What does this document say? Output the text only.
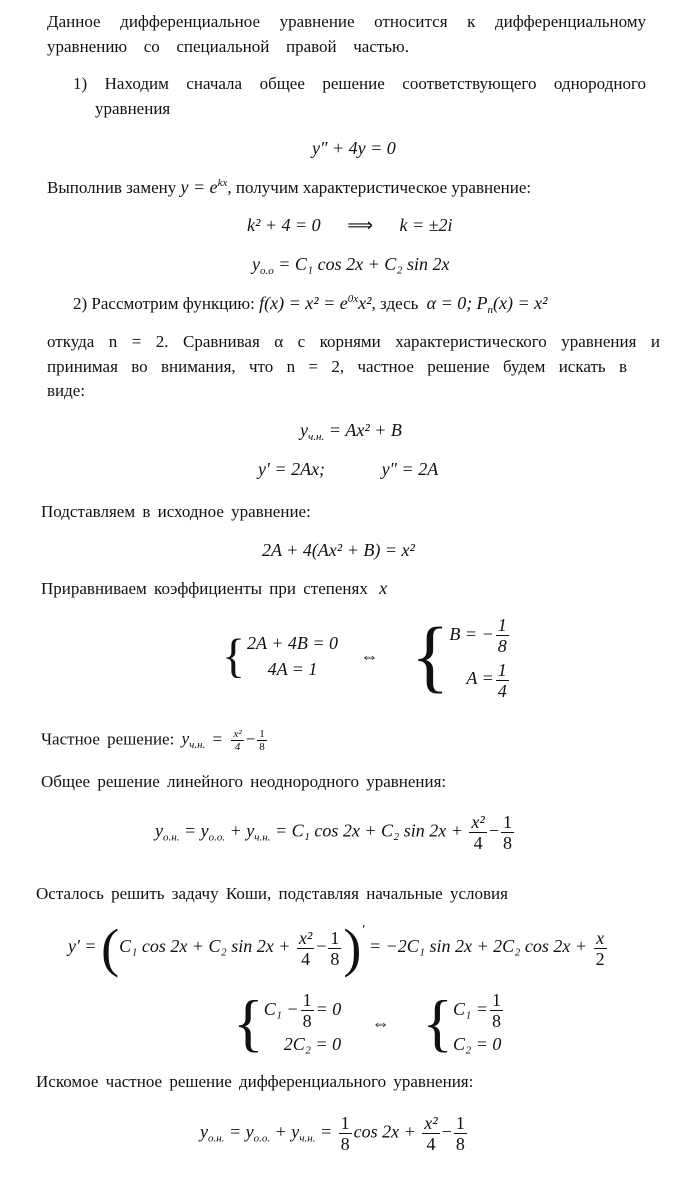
Данное дифференциальное уравнение относится к дифференциальному
уравнению со специальной правой частью.
1) Находим сначала общее решение соответствующего однородного
уравнения
y″ + 4y = 0
Выполнив замену $y = e^{kx}$, получим характеристическое уравнение:
k² + 4 = 0 ⟹ k = ±2i
$y_{о.о} = C_1$ cos 2x + C₂ sin 2x
2) Рассмотрим функцию: $f(x) = x^2 = e^{0x}x^2$, здесь α = 0; $P_n(x) = x^2$
откуда n = 2. Сравнивая α с корнями характеристического уравнения и
принимая во внимания, что n = 2, частное решение будем искать в
виде:
$y_{ч.н.} = Ax^2 + B$
y′ = 2Ax;	y″ = 2A
Подставляем в исходное уравнение:
2A + 4(Ax² + B) = x²
Приравниваем коэффициенты при степенях x
{ 2A + 4B = 0
4A = 1
⇔ { B = − $\frac{1}{8}$
$A = \frac{1}{4}$
Частное решение: $y_{ч.н.} = \frac{\text{x²}}{4} - \frac{1}{8}$
Общее решение линейного неоднородного уравнения:
$y_{о.н.} = y_{о.о.} + y_{ч.н.} = C_1$ cos 2x + C₂ $\sin 2x + \frac{\text{x²}}{4} - \frac{1}{8}$
Осталось решить задачу Коши, подставляя начальные условия
y′ = (C₁ cos 2x + C₂ $\sin 2x + \frac{\text{x²}}{4} - \frac{1}{8} )' = -2C_1$ sin 2x + 2C₂ $\cos 2x + \frac{x}{2}$
{ $C_1 - \frac{1}{8} = 0$
2C₂ = 0
⇔ { $C_1 = \frac{1}{8}$
C₂ = 0
Искомое частное решение дифференциального уравнения:
$y_{о.н.} = y_{о.о.} + y_{ч.н.} = \frac{1}{8}$ $\cos 2x + \frac{\text{x²}}{4} - \frac{1}{8}$
